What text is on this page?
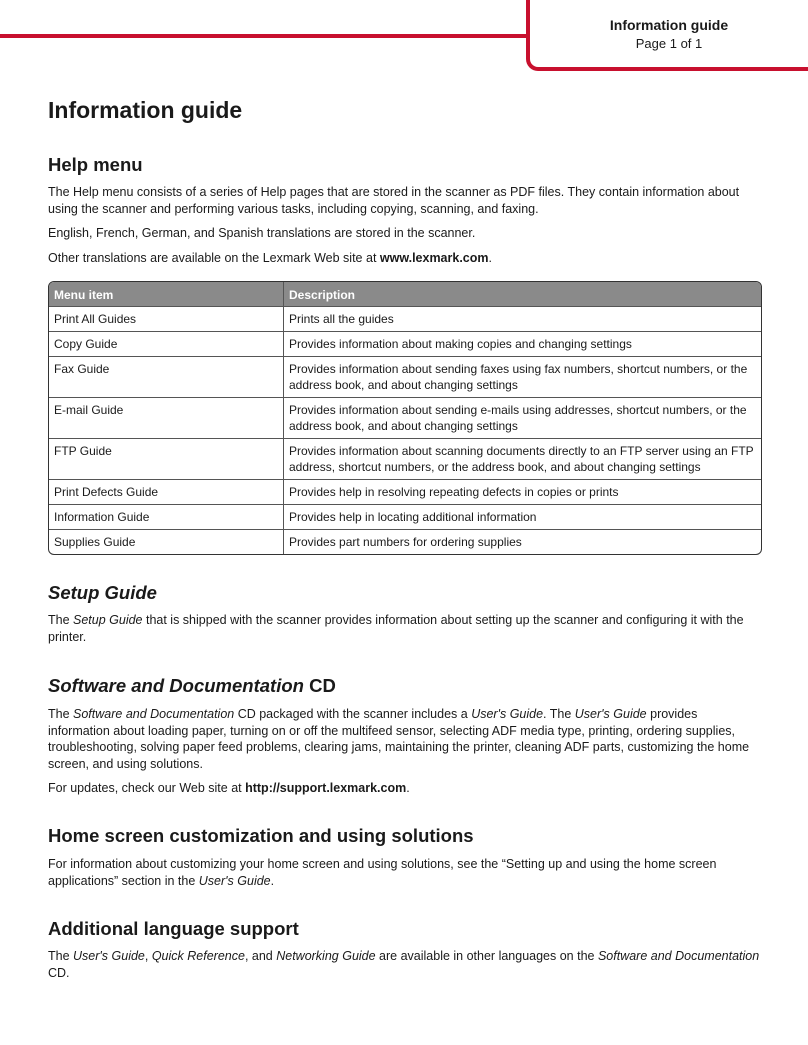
Information guide
Page 1 of 1
Information guide
Help menu

The Help menu consists of a series of Help pages that are stored in the scanner as PDF files. They contain information about using the scanner and performing various tasks, including copying, scanning, and faxing.

English, French, German, and Spanish translations are stored in the scanner.

Other translations are available on the Lexmark Web site at www.lexmark.com.

Menu item	Description
Print All Guides	Prints all the guides
Copy Guide	Provides information about making copies and changing settings
Fax Guide	Provides information about sending faxes using fax numbers, shortcut numbers, or the address book, and about changing settings
E-mail Guide	Provides information about sending e-mails using addresses, shortcut numbers, or the address book, and about changing settings
FTP Guide	Provides information about scanning documents directly to an FTP server using an FTP address, shortcut numbers, or the address book, and about changing settings
Print Defects Guide	Provides help in resolving repeating defects in copies or prints
Information Guide	Provides help in locating additional information
Supplies Guide	Provides part numbers for ordering supplies
Setup Guide

The Setup Guide that is shipped with the scanner provides information about setting up the scanner and configuring it with the printer.

Software and Documentation CD

The Software and Documentation CD packaged with the scanner includes a User's Guide. The User's Guide provides information about loading paper, turning on or off the multifeed sensor, selecting ADF media type, printing, ordering supplies, troubleshooting, solving paper feed problems, clearing jams, maintaining the printer, cleaning ADF parts, customizing the home screen, and using solutions.

For updates, check our Web site at http://support.lexmark.com.

Home screen customization and using solutions

For information about customizing your home screen and using solutions, see the “Setting up and using the home screen applications” section in the User's Guide.

Additional language support

The User's Guide, Quick Reference, and Networking Guide are available in other languages on the Software and Documentation CD.
